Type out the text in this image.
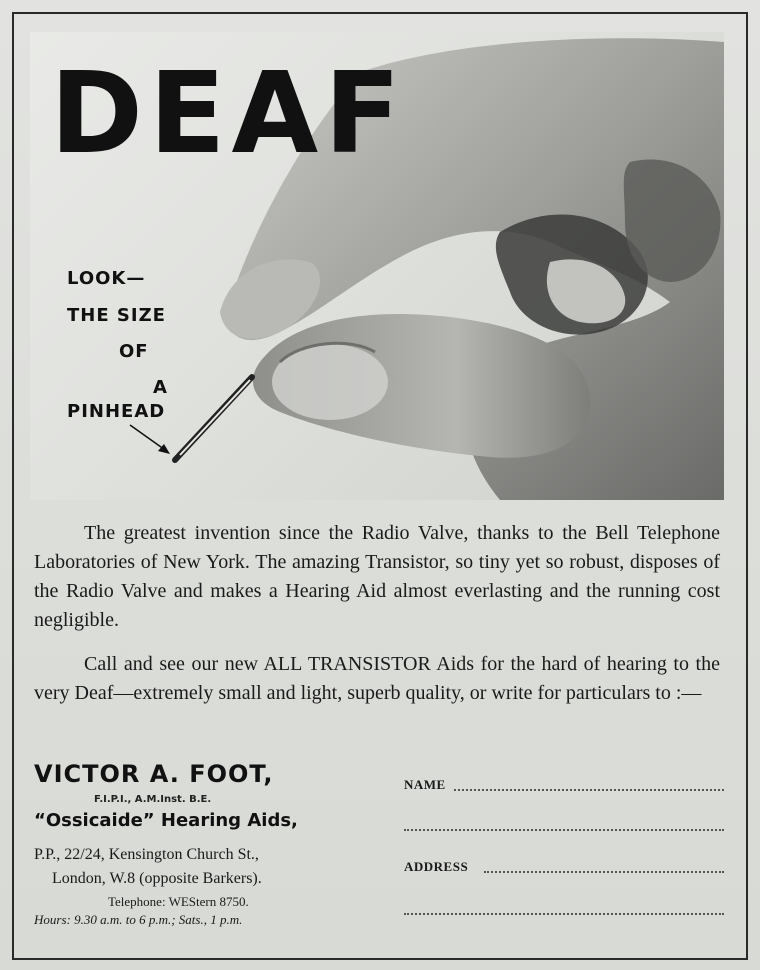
DEAF
LOOK—
THE SIZE
OF
A
PINHEAD

The greatest invention since the Radio Valve, thanks to the Bell Telephone Laboratories of New York. The amazing Transistor, so tiny yet so robust, disposes of the Radio Valve and makes a Hearing Aid almost everlasting and the running cost negligible.

Call and see our new ALL TRANSISTOR Aids for the hard of hearing to the very Deaf—extremely small and light, superb quality, or write for particulars to :—

VICTOR A. FOOT,
F.I.P.I., A.M.Inst. B.E.
“Ossicaide” Hearing Aids,
P.P., 22/24, Kensington Church St.,
London, W.8 (opposite Barkers).
Telephone: WEStern 8750.
Hours: 9.30 a.m. to 6 p.m.; Sats., 1 p.m.
NAME
ADDRESS
